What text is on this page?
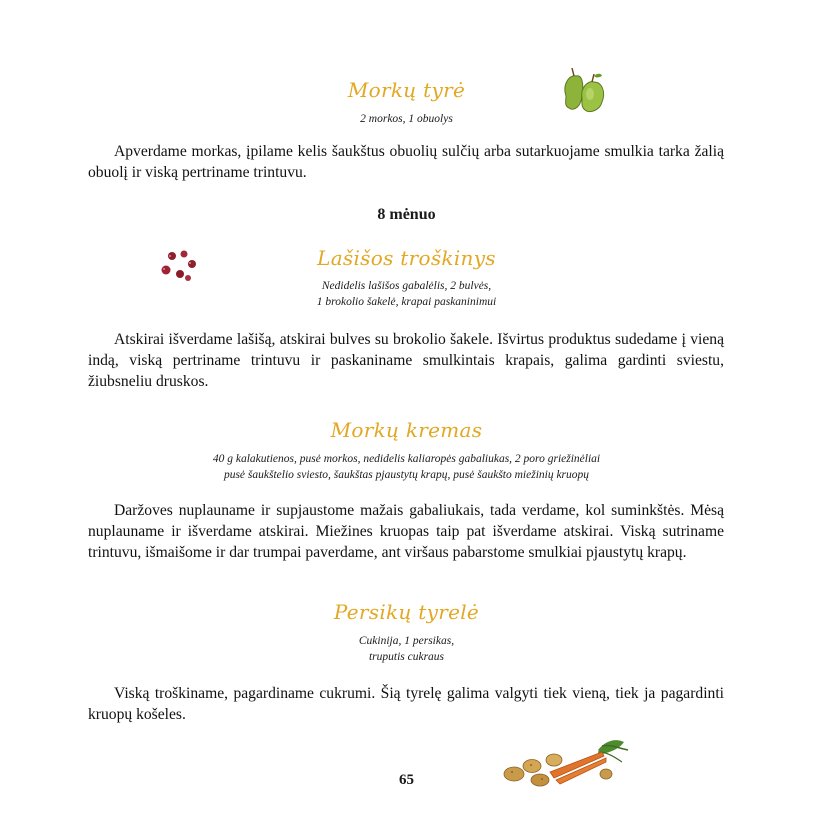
Morkų tyrė
2 morkos, 1 obuolys

Apverdame morkas, įpilame kelis šaukštus obuolių sulčių arba sutarkuojame smulkia tarka žalią obuolį ir viską pertriname trintuvu.

8 mėnuo
Lašišos troškinys
Nedidelis lašišos gabalėlis, 2 bulvės,
1 brokolio šakelė, krapai paskaninimui

Atskirai išverdame lašišą, atskirai bulves su brokolio šakele. Išvirtus produktus sudedame į vieną indą, viską pertriname trintuvu ir paskaniname smulkintais krapais, galima gardinti sviestu, žiubsneliu druskos.

Morkų kremas
40 g kalakutienos, pusė morkos, nedidelis kaliaropės gabaliukas, 2 poro griežinėliai
pusė šaukštelio sviesto, šaukštas pjaustytų krapų, pusė šaukšto miežinių kruopų

Daržoves nuplauname ir supjaustome mažais gabaliukais, tada verdame, kol suminkštės. Mėsą nuplauname ir išverdame atskirai. Miežines kruopas taip pat išverdame atskirai. Viską sutriname trintuvu, išmaišome ir dar trumpai paverdame, ant viršaus pabarstome smulkiai pjaustytų krapų.

Persikų tyrelė
Cukinija, 1 persikas,
truputis cukraus

Viską troškiname, pagardiname cukrumi. Šią tyrelę galima valgyti tiek vieną, tiek ja pagardinti kruopų košeles.

65
